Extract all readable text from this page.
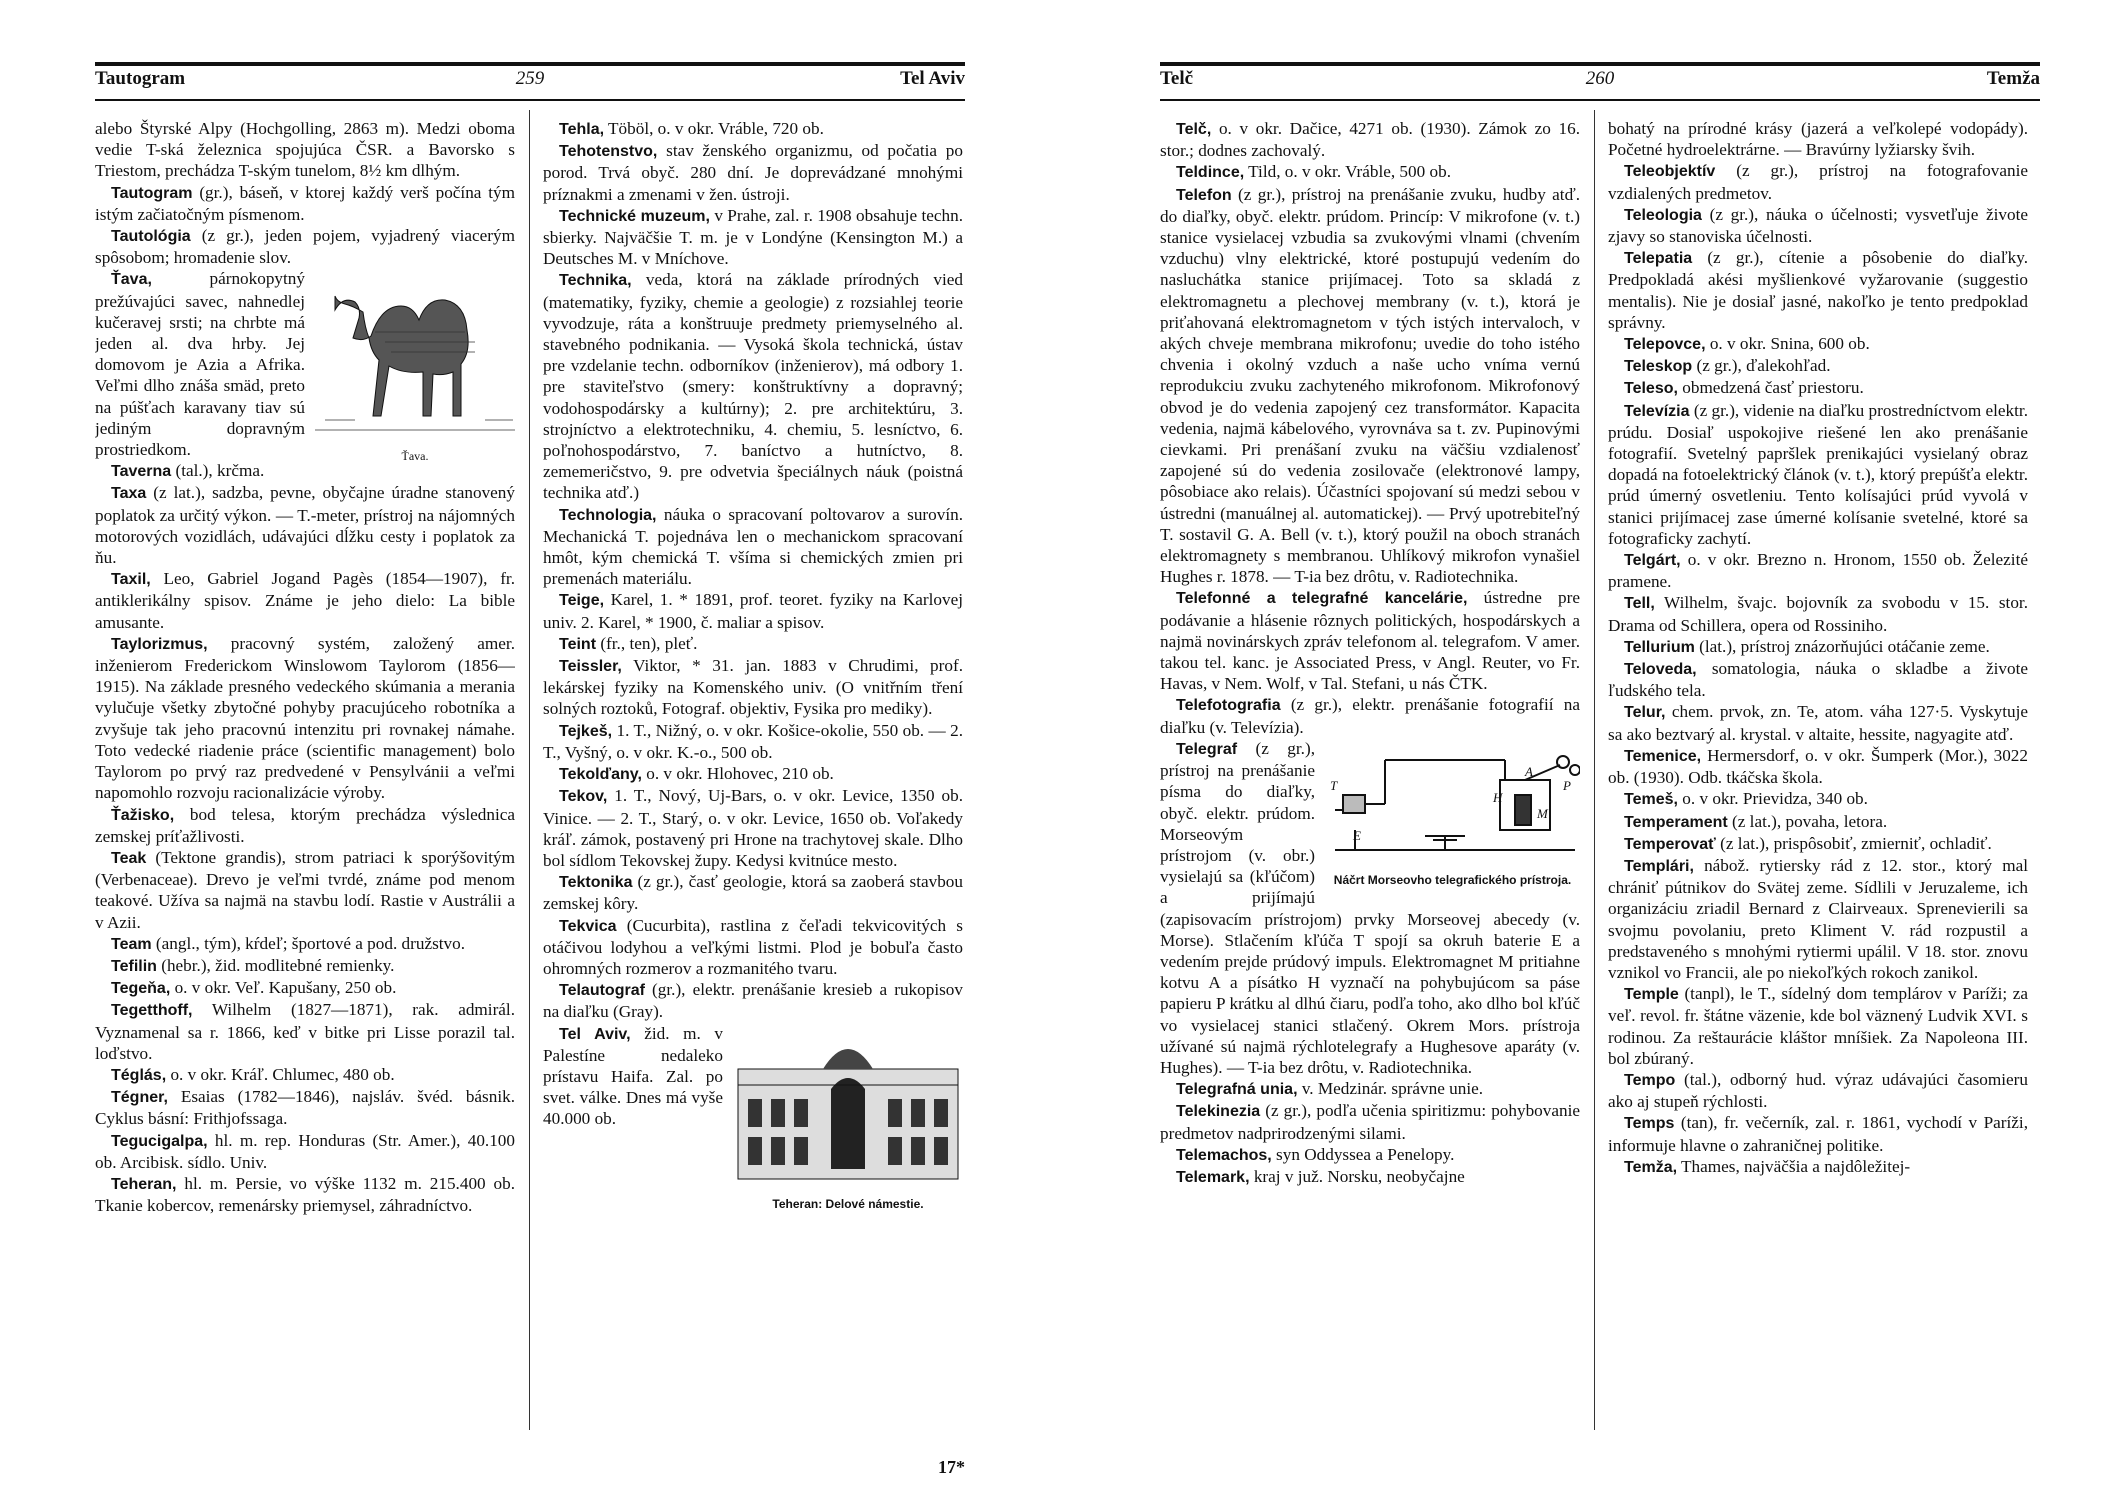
Tautogram	259	Tel Aviv

alebo Štyrské Alpy (Hochgolling, 2863 m). Medzi oboma vedie T-ská železnica spojujúca ČSR. a Bavorsko s Triestom, prechádza T-ským tunelom, 8½ km dlhým.

Tautogram (gr.), báseň, v ktorej každý verš počína tým istým začiatočným písmenom.

Tautológia (z gr.), jeden pojem, vyjadrený viacerým spôsobom; hromadenie slov.

Ťava.

Ťava, párnokopytný prežúvajúci savec, nahnedlej kučeravej srsti; na chrbte má jeden al. dva hrby. Jej domovom je Azia a Afrika. Veľmi dlho znáša smäd, preto na púšťach karavany tiav sú jediným dopravným prostriedkom.

Taverna (tal.), krčma.

Taxa (z lat.), sadzba, pevne, obyčajne úradne stanovený poplatok za určitý výkon. — T.-meter, prístroj na nájomných motorových vozidlách, udávajúci dĺžku cesty i poplatok za ňu.

Taxil, Leo, Gabriel Jogand Pagès (1854—1907), fr. antiklerikálny spisov. Známe je jeho dielo: La bible amusante.

Taylorizmus, pracovný systém, založený amer. inženierom Frederickom Winslowom Taylorom (1856—1915). Na základe presného vedeckého skúmania a merania vylučuje všetky zbytočné pohyby pracujúceho robotníka a zvyšuje tak jeho pracovnú intenzitu pri rovnakej námahe. Toto vedecké riadenie práce (scientific management) bolo Taylorom po prvý raz predvedené v Pensylvánii a veľmi napomohlo rozvoju racionalizácie výroby.

Ťažisko, bod telesa, ktorým prechádza výslednica zemskej príťažlivosti.

Teak (Tektone grandis), strom patriaci k sporýšovitým (Verbenaceae). Drevo je veľmi tvrdé, známe pod menom teakové. Užíva sa najmä na stavbu lodí. Rastie v Austrálii a v Azii.

Team (angl., tým), kŕdeľ; športové a pod. družstvo.

Tefilin (hebr.), žid. modlitebné remienky.

Tegeňa, o. v okr. Veľ. Kapušany, 250 ob.

Tegetthoff, Wilhelm (1827—1871), rak. admirál. Vyznamenal sa r. 1866, keď v bitke pri Lisse porazil tal. loďstvo.

Téglás, o. v okr. Kráľ. Chlumec, 480 ob.

Tégner, Esaias (1782—1846), najsláv. švéd. básnik. Cyklus básní: Frithjofssaga.

Tegucigalpa, hl. m. rep. Honduras (Str. Amer.), 40.100 ob. Arcibisk. sídlo. Univ.

Teheran, hl. m. Persie, vo výške 1132 m. 215.400 ob. Tkanie kobercov, remenársky priemysel, záhradníctvo.

Tehla, Töböl, o. v okr. Vráble, 720 ob.

Tehotenstvo, stav ženského organizmu, od počatia po porod. Trvá obyč. 280 dní. Je doprevádzané mnohými príznakmi a zmenami v žen. ústroji.

Technické muzeum, v Prahe, zal. r. 1908 obsahuje techn. sbierky. Najväčšie T. m. je v Londýne (Kensington M.) a Deutsches M. v Mníchove.

Technika, veda, ktorá na základe prírodných vied (matematiky, fyziky, chemie a geologie) z rozsiahlej teorie vyvodzuje, ráta a konštruuje predmety priemyselného al. stavebného podnikania. — Vysoká škola technická, ústav pre vzdelanie techn. odborníkov (inženierov), má odbory 1. pre staviteľstvo (smery: konštruktívny a dopravný; vodohospodársky a kultúrny); 2. pre architektúru, 3. strojníctvo a elektrotechniku, 4. chemiu, 5. lesníctvo, 6. poľnohospodárstvo, 7. baníctvo a hutníctvo, 8. zememeričstvo, 9. pre odvetvia špeciálnych náuk (poistná technika atď.)

Technologia, náuka o spracovaní poltovarov a surovín. Mechanická T. pojednáva len o mechanickom spracovaní hmôt, kým chemická T. všíma si chemických zmien pri premenách materiálu.

Teige, Karel, 1. * 1891, prof. teoret. fyziky na Karlovej univ. 2. Karel, * 1900, č. maliar a spisov.

Teint (fr., ten), pleť.

Teissler, Viktor, * 31. jan. 1883 v Chrudimi, prof. lekárskej fyziky na Komenského univ. (O vnitřním tření solných roztoků, Fotograf. objektiv, Fysika pro mediky).

Tejkeš, 1. T., Nižný, o. v okr. Košice-okolie, 550 ob. — 2. T., Vyšný, o. v okr. K.-o., 500 ob.

Tekolďany, o. v okr. Hlohovec, 210 ob.

Tekov, 1. T., Nový, Uj-Bars, o. v okr. Levice, 1350 ob. Vinice. — 2. T., Starý, o. v okr. Levice, 1650 ob. Voľakedy kráľ. zámok, postavený pri Hrone na trachytovej skale. Dlho bol sídlom Tekovskej župy. Kedysi kvitnúce mesto.

Tektonika (z gr.), časť geologie, ktorá sa zaoberá stavbou zemskej kôry.

Tekvica (Cucurbita), rastlina z čeľadi tekvicovitých s otáčivou lodyhou a veľkými listmi. Plod je bobuľa často ohromných rozmerov a rozmanitého tvaru.

Telautograf (gr.), elektr. prenášanie kresieb a rukopisov na diaľku (Gray).

Teheran: Delové námestie.

Tel Aviv, žid. m. v Palestíne nedaleko prístavu Haifa. Zal. po svet. válke. Dnes má vyše 40.000 ob.

17*
Telč	260	Temža

Telč, o. v okr. Dačice, 4271 ob. (1930). Zámok zo 16. stor.; dodnes zachovalý.

Teldince, Tild, o. v okr. Vráble, 500 ob.

Telefon (z gr.), prístroj na prenášanie zvuku, hudby atď. do diaľky, obyč. elektr. prúdom. Princíp: V mikrofone (v. t.) stanice vysielacej vzbudia sa zvukovými vlnami (chvením vzduchu) vlny elektrické, ktoré postupujú vedením do nasluchátka stanice prijímacej. Toto sa skladá z elektromagnetu a plechovej membrany (v. t.), ktorá je priťahovaná elektromagnetom v tých istých intervaloch, v akých chveje membrana mikrofonu; uvedie do toho istého chvenia i okolný vzduch a naše ucho vníma vernú reprodukciu zvuku zachyteného mikrofonom. Mikrofonový obvod je do vedenia zapojený cez transformátor. Kapacita vedenia, najmä kábelového, vyrovnáva sa t. zv. Pupinovými cievkami. Pri prenášaní zvuku na väčšiu vzdialenosť zapojené sú do vedenia zosilovače (elektronové lampy, pôsobiace ako relais). Účastníci spojovaní sú medzi sebou v ústredni (manuálnej al. automatickej). — Prvý upotrebiteľný T. sostavil G. A. Bell (v. t.), ktorý použil na oboch stranách elektromagnety s membranou. Uhlíkový mikrofon vynašiel Hughes r. 1878. — T-ia bez drôtu, v. Radiotechnika.

Telefonné a telegrafné kancelárie, ústredne pre podávanie a hlásenie rôznych politických, hospodárskych a najmä novinárskych zpráv telefonom al. telegrafom. V amer. takou tel. kanc. je Associated Press, v Angl. Reuter, vo Fr. Havas, v Nem. Wolf, v Tal. Stefani, u nás ČTK.

Telefotografia (z gr.), elektr. prenášanie fotografií na diaľku (v. Televízia).

T
E
A
P
H
M
Náčrt Morseovho telegrafického prístroja.

Telegraf (z gr.), prístroj na prenášanie písma do diaľky, obyč. elektr. prúdom. Morseovým prístrojom (v. obr.) vysielajú sa (kľúčom) a prijímajú (zapisovacím prístrojom) prvky Morseovej abecedy (v. Morse). Stlačením kľúča T spojí sa okruh baterie E a vedením prejde prúdový impuls. Elektromagnet M pritiahne kotvu A a písátko H vyznačí na pohybujúcom sa páse papieru P krátku al dlhú čiaru, podľa toho, ako dlho bol kľúč vo vysielacej stanici stlačený. Okrem Mors. prístroja užívané sú najmä rýchlotelegrafy a Hughesove aparáty (v. Hughes). — T-ia bez drôtu, v. Radiotechnika.

Telegrafná unia, v. Medzinár. správne unie.

Telekinezia (z gr.), podľa učenia spiritizmu: pohybovanie predmetov nadprirodzenými silami.

Telemachos, syn Oddyssea a Penelopy.

Telemark, kraj v juž. Norsku, neobyčajne

bohatý na prírodné krásy (jazerá a veľkolepé vodopády). Početné hydroelektrárne. — Bravúrny lyžiarsky švih.

Teleobjektív (z gr.), prístroj na fotografovanie vzdialených predmetov.

Teleologia (z gr.), náuka o účelnosti; vysvetľuje živote zjavy so stanoviska účelnosti.

Telepatia (z gr.), cítenie a pôsobenie do diaľky. Predpokladá akési myšlienkové vyžarovanie (suggestio mentalis). Nie je dosiaľ jasné, nakoľko je tento predpoklad správny.

Telepovce, o. v okr. Snina, 600 ob.

Teleskop (z gr.), ďalekohľad.

Teleso, obmedzená časť priestoru.

Televízia (z gr.), videnie na diaľku prostredníctvom elektr. prúdu. Dosiaľ uspokojive riešené len ako prenášanie fotografií. Svetelný papršlek prenikajúci vysielaný obraz dopadá na fotoelektrický článok (v. t.), ktorý prepúšťa elektr. prúd úmerný osvetleniu. Tento kolísajúci prúd vyvolá v stanici prijímacej zase úmerné kolísanie svetelné, ktoré sa fotograficky zachytí.

Telgárt, o. v okr. Brezno n. Hronom, 1550 ob. Železité pramene.

Tell, Wilhelm, švajc. bojovník za svobodu v 15. stor. Drama od Schillera, opera od Rossiniho.

Tellurium (lat.), prístroj znázorňujúci otáčanie zeme.

Teloveda, somatologia, náuka o skladbe a živote ľudského tela.

Telur, chem. prvok, zn. Te, atom. váha 127·5. Vyskytuje sa ako beztvarý al. krystal. v altaite, hessite, nagyagite atď.

Temenice, Hermersdorf, o. v okr. Šumperk (Mor.), 3022 ob. (1930). Odb. tkáčska škola.

Temeš, o. v okr. Prievidza, 340 ob.

Temperament (z lat.), povaha, letora.

Temperovať (z lat.), prispôsobiť, zmierniť, ochladiť.

Templári, nábož. rytiersky rád z 12. stor., ktorý mal chrániť pútnikov do Svätej zeme. Sídlili v Jeruzaleme, ich organizáciu zriadil Bernard z Clairveaux. Sprenevierili sa svojmu povolaniu, preto Kliment V. rád rozpustil a predstaveného s mnohými rytiermi upálil. V 18. stor. znovu vznikol vo Francii, ale po niekoľkých rokoch zanikol.

Temple (tanpl), le T., sídelný dom templárov v Paríži; za veľ. revol. fr. štátne väzenie, kde bol väznený Ludvik XVI. s rodinou. Za reštaurácie kláštor mníšiek. Za Napoleona III. bol zbúraný.

Tempo (tal.), odborný hud. výraz udávajúci časomieru ako aj stupeň rýchlosti.

Temps (tan), fr. večerník, zal. r. 1861, vychodí v Paríži, informuje hlavne o zahraničnej politike.

Temža, Thames, najväčšia a najdôležitej-
